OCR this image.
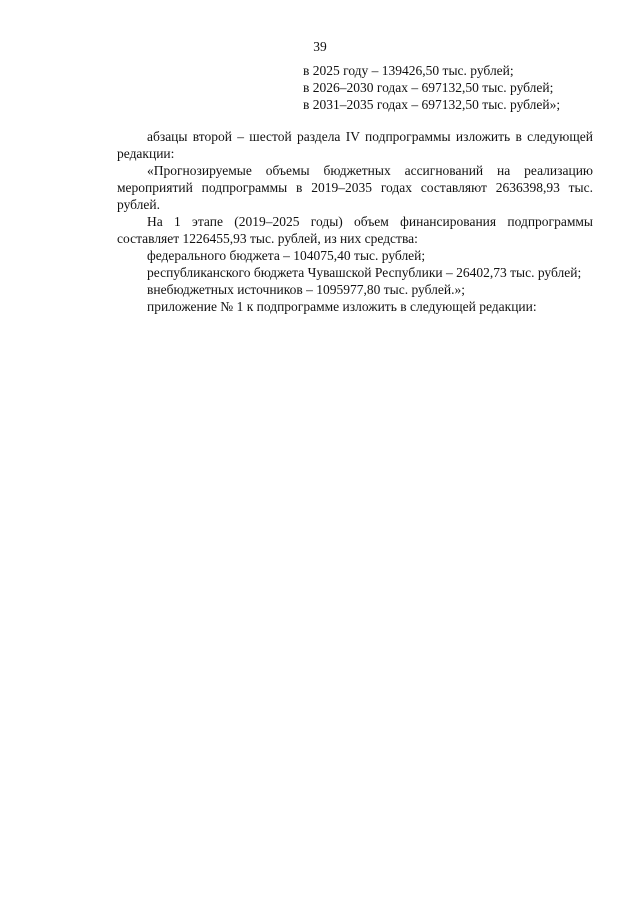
39
в 2025 году – 139426,50 тыс. рублей;
в 2026–2030 годах – 697132,50 тыс. рублей;
в 2031–2035 годах – 697132,50 тыс. рублей»;

абзацы второй – шестой раздела IV подпрограммы изложить в следующей редакции:

«Прогнозируемые объемы бюджетных ассигнований на реализацию мероприятий подпрограммы в 2019–2035 годах составляют 2636398,93 тыс. рублей.

На 1 этапе (2019–2025 годы) объем финансирования подпрограммы составляет 1226455,93 тыс. рублей, из них средства:

федерального бюджета – 104075,40 тыс. рублей;

республиканского бюджета Чувашской Республики – 26402,73 тыс. рублей;

внебюджетных источников – 1095977,80 тыс. рублей.»;

приложение № 1 к подпрограмме изложить в следующей редакции:
